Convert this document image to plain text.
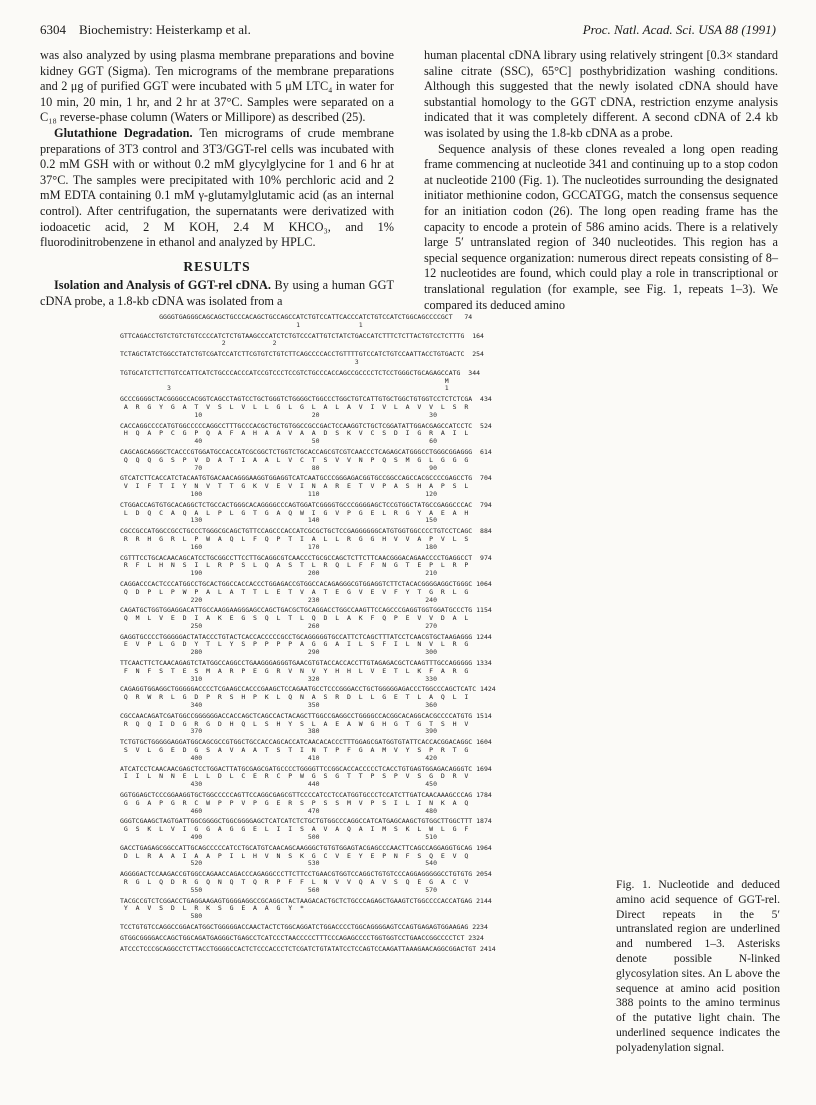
6304 Biochemistry: Heisterkamp et al.	Proc. Natl. Acad. Sci. USA 88 (1991)

was also analyzed by using plasma membrane preparations and bovine kidney GGT (Sigma). Ten micrograms of the membrane preparations and 2 μg of purified GGT were incubated with 5 μM LTC₄ in water for 10 min, 20 min, 1 hr, and 2 hr at 37°C. Samples were separated on a C₁₈ reverse-phase column (Waters or Millipore) as described (25).

Glutathione Degradation. Ten micrograms of crude membrane preparations of 3T3 control and 3T3/GGT-rel cells was incubated with 0.2 mM GSH with or without 0.2 mM glycylglycine for 1 and 6 hr at 37°C. The samples were precipitated with 10% perchloric acid and 2 mM EDTA containing 0.1 mM γ-glutamylglutamic acid (as an internal control). After centrifugation, the supernatants were derivatized with iodoacetic acid, 2 M KOH, 2.4 M KHCO₃, and 1% fluorodinitrobenzene in ethanol and analyzed by HPLC.

RESULTS

Isolation and Analysis of GGT-rel cDNA. By using a human GGT cDNA probe, a 1.8-kb cDNA was isolated from a

human placental cDNA library using relatively stringent [0.3× standard saline citrate (SSC), 65°C] posthybridization washing conditions. Although this suggested that the newly isolated cDNA should have substantial homology to the GGT cDNA, restriction enzyme analysis indicated that it was completely different. A second cDNA of 2.4 kb was isolated by using the 1.8-kb cDNA as a probe.

Sequence analysis of these clones revealed a long open reading frame commencing at nucleotide 341 and continuing up to a stop codon at nucleotide 2100 (Fig. 1). The nucleotides surrounding the designated initiator methionine codon, GCCATGG, match the consensus sequence for an initiation codon (26). The long open reading frame has the capacity to encode a protein of 586 amino acids. There is a relatively large 5′ untranslated region of 340 nucleotides. This region has a special sequence organization: numerous direct repeats consisting of 8–12 nucleotides are found, which could play a role in transcriptional or translational regulation (for example, see Fig. 1, repeats 1–3). We compared its deduced amino

GGGGTGAGGGCAGCAGCTGCCCACAGCTGCCAGCCATCTGTCCATTCACCCATCTGTCCATCTGGCAGCCCCGCT   74
1               1
GTTCAGACCTGTCTGTCTGTCCCCATCTCTGTAAGCCCATCTCTGTCCCATTGTCTATCTGACCATCTTTCTCTTACTGTCCTCTTTG  164
2            2
TCTAGCTATCTGGCCTATCTGTCGATCCATCTTCGTGTCTGTCTTCAGCCCCACCTGTTTTGTCCATCTGTCCAATTACCTGTGACTC  254
3
TGTGCATCTTCTTGTCCATTCATCTGCCCACCCATCCGTCCCTCCGTCTGCCCACCAGCCGCCCCTCTCCTGGGCTGCAGAGCCATG  344
M
3                                                                      1
GCCCGGGGCTACGGGGCCACGGTCAGCCTAGTCCTGCTGGGTCTGGGGCTGGCCCTGGCTGTCATTGTGCTGGCTGTGGTCCTCTCTCGA  434
A  R  G  Y  G  A  T  V  S  L  V  L  L  G  L  G  L  A  L  A  V  I  V  L  A  V  V  L  S  R
10                            20                            30
CACCAGGCCCCATGTGGCCCCCAGGCCTTTGCCCACGCTGCTGTGGCCGCCGACTCCAAGGTCTGCTCGGATATTGGACGAGCCATCCTC  524
H  Q  A  P  C  G  P  Q  A  F  A  H  A  A  V  A  A  D  S  K  V  C  S  D  I  G  R  A  I  L
40                            50                            60
CAGCAGCAGGGCTCACCCGTGGATGCCACCATCGCGGCTCTGGTCTGCACCAGCGTCGTCAACCCTCAGAGCATGGGCCTGGGCGGAGGG  614
Q  Q  Q  G  S  P  V  D  A  T  I  A  A  L  V  C  T  S  V  V  N  P  Q  S  M  G  L  G  G  G
70                            80                            90
GTCATCTTCACCATCTACAATGTGACAACAGGGAAGGTGGAGGTCATCAATGCCCGGGAGACGGTGCCGGCCAGCCACGCCCCGAGCCTG  704
V  I  F  T  I  Y  N  V  T  T  G  K  V  E  V  I  N  A  R  E  T  V  P  A  S  H  A  P  S  L
100                           110                           120
CTGGACCAGTGTGCACAGGCTCTGCCACTGGGCACAGGGGCCCAGTGGATCGGGGTGCCCGGGGAGCTCCGTGGCTATGCCGAGGCCCAC  794
L  D  Q  C  A  Q  A  L  P  L  G  T  G  A  Q  W  I  G  V  P  G  E  L  R  G  Y  A  E  A  H
130                           140                           150
CGCCGCCATGGCCGCCTGCCCTGGGCGCAGCTGTTCCAGCCCACCATCGCGCTGCTCCGAGGGGGGCATGTGGTGGCCCCTGTCCTCAGC  884
R  R  H  G  R  L  P  W  A  Q  L  F  Q  P  T  I  A  L  L  R  G  G  H  V  V  A  P  V  L  S
160                           170                           180
CGTTTCCTGCACAACAGCATCCTGCGGCCTTCCTTGCAGGCGTCAACCCTGCGCCAGCTCTTCTTCAACGGGACAGAACCCCTGAGGCCT  974
R  F  L  H  N  S  I  L  R  P  S  L  Q  A  S  T  L  R  Q  L  F  F  N  G  T  E  P  L  R  P
190                           200                           210
CAGGACCCACTCCCATGGCCTGCACTGGCCACCACCCTGGAGACCGTGGCCACAGAGGGCGTGGAGGTCTTCTACACGGGGAGGCTGGGC 1064
Q  D  P  L  P  W  P  A  L  A  T  T  L  E  T  V  A  T  E  G  V  E  V  F  Y  T  G  R  L  G
220                           230                           240
CAGATGCTGGTGGAGGACATTGCCAAGGAAGGGAGCCAGCTGACGCTGCAGGACCTGGCCAAGTTCCAGCCCGAGGTGGTGGATGCCCTG 1154
Q  M  L  V  E  D  I  A  K  E  G  S  Q  L  T  L  Q  D  L  A  K  F  Q  P  E  V  V  D  A  L
250                           260                           270
GAGGTGCCCCTGGGGGACTATACCCTGTACTCACCACCCCCGCCTGCAGGGGGTGCCATTCTCAGCTTTATCCTCAACGTGCTAAGAGGG 1244
E  V  P  L  G  D  Y  T  L  Y  S  P  P  P  P  A  G  G  A  I  L  S  F  I  L  N  V  L  R  G
280                           290                           300
TTCAACTTCTCAACAGAGTCTATGGCCAGGCCTGAAGGGAGGGTGAACGTGTACCACCACCTTGTAGAGACGCTCAAGTTTGCCAGGGGG 1334
F  N  F  S  T  E  S  M  A  R  P  E  G  R  V  N  V  Y  H  H  L  V  E  T  L  K  F  A  R  G
310                           320                           330
CAGAGGTGGAGGCTGGGGGACCCCTCGAAGCCACCCGAAGCTCCAGAATGCCTCCCGGGACCTGCTGGGGGAGACCCTGGCCCAGCTCATC 1424
Q  R  W  R  L  G  D  P  R  S  H  P  K  L  Q  N  A  S  R  D  L  L  G  E  T  L  A  Q  L  I
340                           350                           360
CGCCAACAGATCGATGGCCGGGGGGACCACCAGCTCAGCCACTACAGCTTGGCCGAGGCCTGGGGCCACGGCACAGGCACGCCCCATGTG 1514
R  Q  Q  I  D  G  R  G  D  H  Q  L  S  H  Y  S  L  A  E  A  W  G  H  G  T  G  T  S  H  V
370                           380                           390
TCTGTGCTGGGGGAGGATGGCAGCGCCGTGGCTGCCACCAGCACCATCAACACACCCTTTGGAGCGATGGTGTATTCACCACGGACAGGC 1604
S  V  L  G  E  D  G  S  A  V  A  A  T  S  T  I  N  T  P  F  G  A  M  V  Y  S  P  R  T  G
400                           410                           420
ATCATCCTCAACAACGAGCTCCTGGACTTATGCGAGCGATGCCCCTGGGGTTCCGGCACCACCCCCTCACCTGTGAGTGGAGACAGGGTC 1694
I  I  L  N  N  E  L  L  D  L  C  E  R  C  P  W  G  S  G  T  T  P  S  P  V  S  G  D  R  V
430                           440                           450
GGTGGAGCTCCCGGAAGGTGCTGGCCCCCAGTTCCAGGCGAGCGTTCCCCATCCTCCATGGTGCCCTCCATCTTGATCAACAAAGCCCAG 1784
G  G  A  P  G  R  C  W  P  P  V  P  G  E  R  S  P  S  S  M  V  P  S  I  L  I  N  K  A  Q
460                           470                           480
GGGTCGAAGCTAGTGATTGGCGGGGCTGGCGGGGAGCTCATCATCTCTGCTGTGGCCCAGGCCATCATGAGCAAGCTGTGGCTTGGCTTT 1874
G  S  K  L  V  I  G  G  A  G  G  E  L  I  I  S  A  V  A  Q  A  I  M  S  K  L  W  L  G  F
490                           500                           510
GACCTGAGAGCGGCCATTGCAGCCCCCATCCTGCATGTCAACAGCAAGGGCTGTGTGGAGTACGAGCCCAACTTCAGCCAGGAGGTGCAG 1964
D  L  R  A  A  I  A  A  P  I  L  H  V  N  S  K  G  C  V  E  Y  E  P  N  F  S  Q  E  V  Q
520                           530                           540
AGGGGACTCCAAGACCGTGGCCAGAACCAGACCCAGAGGCCCTTCTTCCTGAACGTGGTCCAGGCTGTGTCCCAGGAGGGGGCCTGTGTG 2054
R  G  L  Q  D  R  G  Q  N  Q  T  Q  R  P  F  F  L  N  V  V  Q  A  V  S  Q  E  G  A  C  V
550                           560                           570
TACGCCGTCTCGGACCTGAGGAAGAGTGGGGAGGCCGCAGGCTACTAAGACACTGCTCTGCCCAGAGCTGAAGTCTGGCCCCACCATGAG 2144
Y  A  V  S  D  L  R  K  S  G  E  A  A  G  Y  *
580
TCCTGTGTCCAGGCCGGACATGGCTGGGGGACCAACTACTCTGGCAGGATCTGGACCCCTGGCAGGGGAGTCCAGTGAGAGTGGAAGAG 2234
GTGGCGGGGACCAGCTGGCAGATGAGGGCTGAGCCTCATCCCTAACCCCCTTTCCCAGAGCCCCTGGTGGTCCTGAACCGGCCCCTCT 2324
ATCCCTCCCGCAGGCCTCTTACCTGGGGCCACTCTCCCACCCTCTCGATCTGTATATCCTCCAGTCCAAGATTAAAGAACAGGCGGACTGT 2414
Fig. 1. Nucleotide and deduced amino acid sequence of GGT-rel. Direct repeats in the 5′ untranslated region are underlined and numbered 1–3. Asterisks denote possible N-linked glycosylation sites. An L above the sequence at amino acid position 388 points to the amino terminus of the putative light chain. The underlined sequence indicates the polyadenylation signal.
